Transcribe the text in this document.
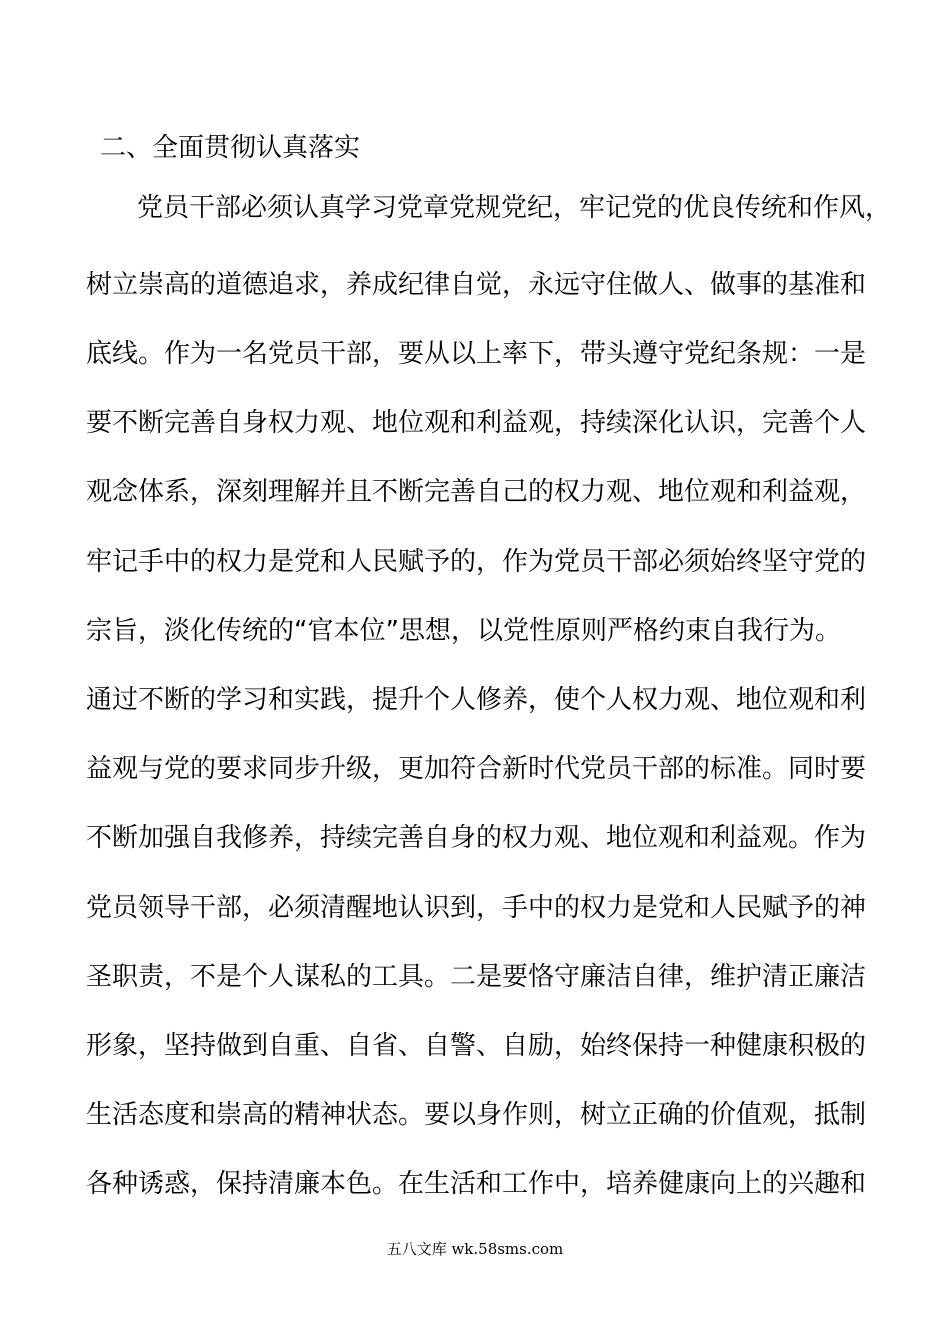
二、全面贯彻认真落实
党员干部必须认真学习党章党规党纪，牢记党的优良传统和作风，
树立崇高的道德追求，养成纪律自觉，永远守住做人、做事的基准和
底线。作为一名党员干部，要从以上率下，带头遵守党纪条规：一是
要不断完善自身权力观、地位观和利益观，持续深化认识，完善个人
观念体系，深刻理解并且不断完善自己的权力观、地位观和利益观，
牢记手中的权力是党和人民赋予的，作为党员干部必须始终坚守党的
宗旨，淡化传统的“官本位”思想，以党性原则严格约束自我行为。
通过不断的学习和实践，提升个人修养，使个人权力观、地位观和利
益观与党的要求同步升级，更加符合新时代党员干部的标准。同时要
不断加强自我修养，持续完善自身的权力观、地位观和利益观。作为
党员领导干部，必须清醒地认识到，手中的权力是党和人民赋予的神
圣职责，不是个人谋私的工具。二是要恪守廉洁自律，维护清正廉洁
形象，坚持做到自重、自省、自警、自励，始终保持一种健康积极的
生活态度和崇高的精神状态。要以身作则，树立正确的价值观，抵制
各种诱惑，保持清廉本色。在生活和工作中，培养健康向上的兴趣和
五八文库 wk.58sms.com
